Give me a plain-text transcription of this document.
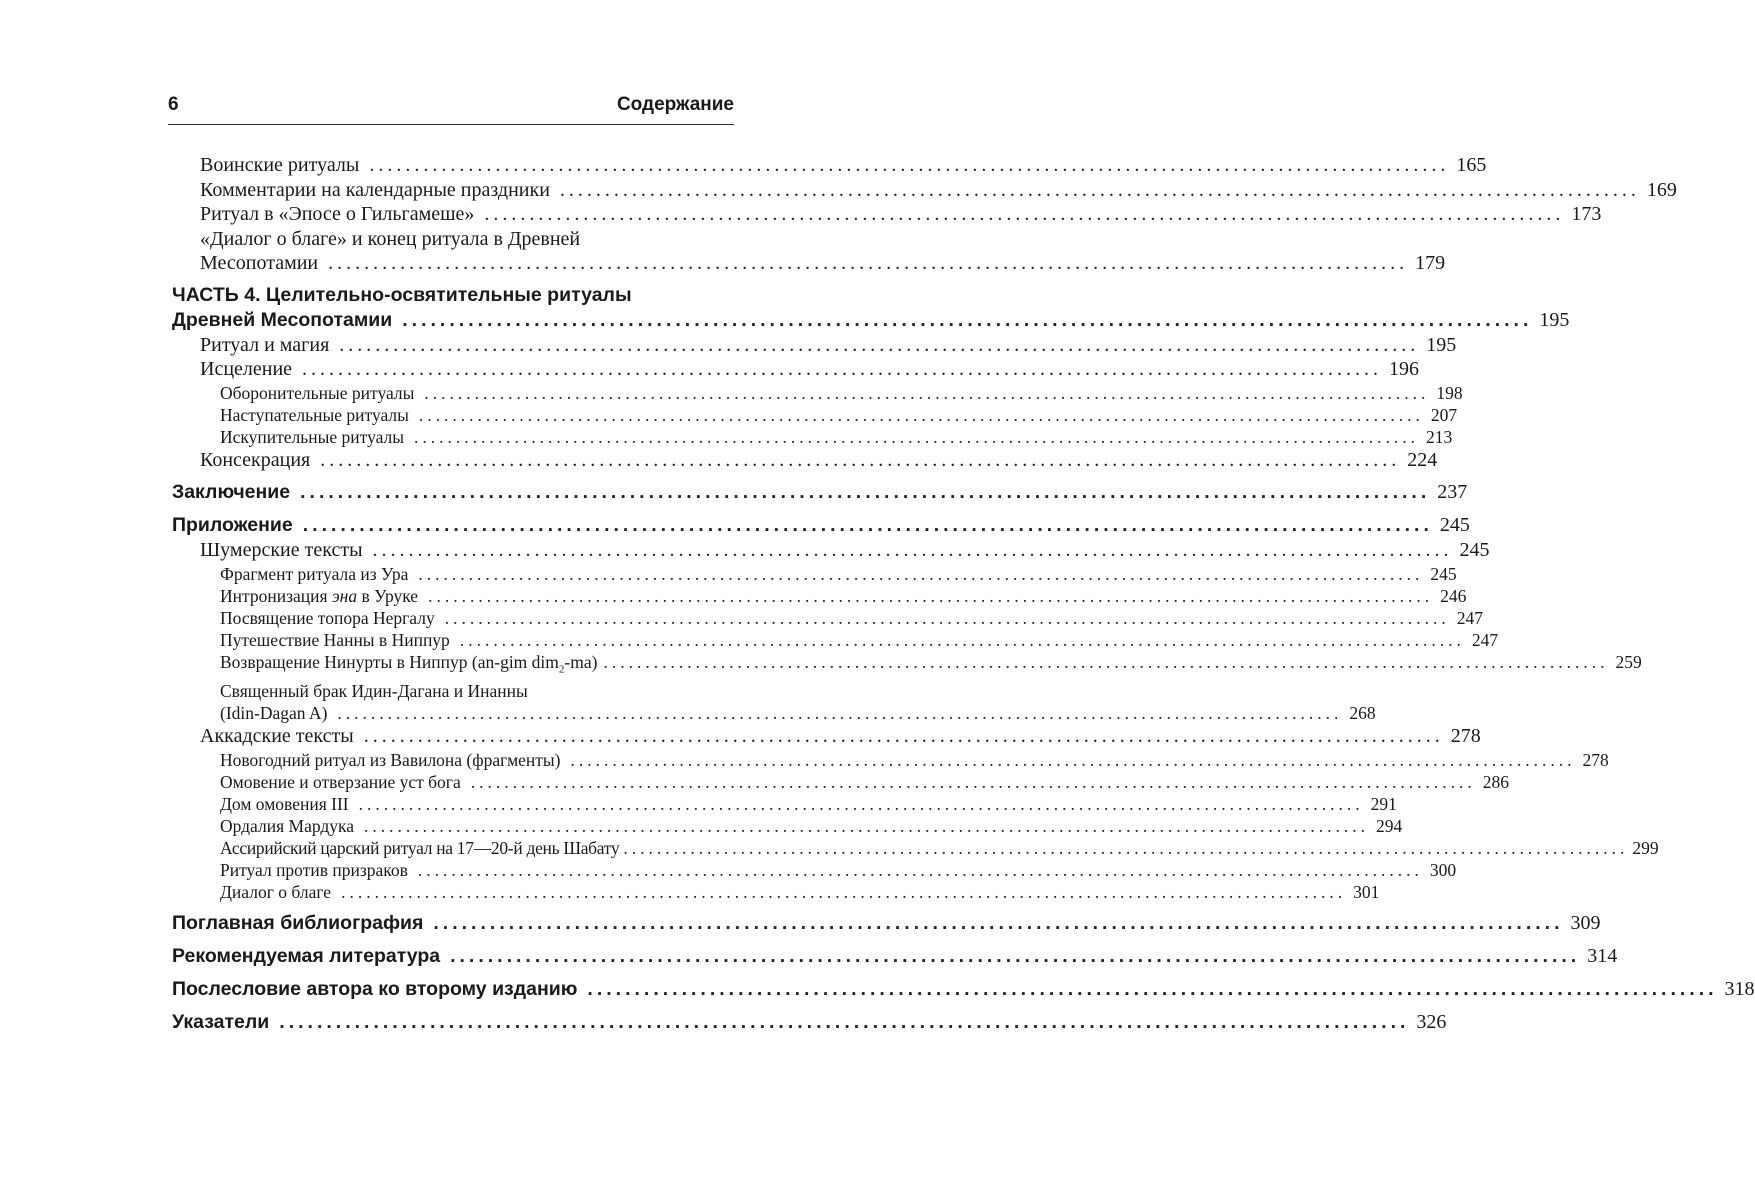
6	Содержание
Воинские ритуалы ........................................................................................................................ 165
Комментарии на календарные праздники ........................................................................................................................ 169
Ритуал в «Эпосе о Гильгамеше» ........................................................................................................................ 173
«Диалог о благе» и конец ритуала в Древней
Месопотамии ........................................................................................................................ 179
ЧАСТЬ 4. Целительно-освятительные ритуалы
Древней Месопотамии ........................................................................................................................ 195
Ритуал и магия ........................................................................................................................ 195
Исцеление ........................................................................................................................ 196
Оборонительные ритуалы ........................................................................................................................ 198
Наступательные ритуалы ........................................................................................................................ 207
Искупительные ритуалы ........................................................................................................................ 213
Консекрация ........................................................................................................................ 224
Заключение ........................................................................................................................ 237
Приложение ........................................................................................................................ 245
Шумерские тексты ........................................................................................................................ 245
Фрагмент ритуала из Ура ........................................................................................................................ 245
Интронизация эна в Уруке ........................................................................................................................ 246
Посвящение топора Нергалу ........................................................................................................................ 247
Путешествие Нанны в Ниппур ........................................................................................................................ 247
Возвращение Нинурты в Ниппур (an-gim dim$_2$-ma) ........................................................................................................................ 259
Священный брак Идин-Дагана и Инанны
(Idin-Dagan A) ........................................................................................................................ 268
Аккадские тексты ........................................................................................................................ 278
Новогодний ритуал из Вавилона (фрагменты) ........................................................................................................................ 278
Омовение и отверзание уст бога ........................................................................................................................ 286
Дом омовения III ........................................................................................................................ 291
Ордалия Мардука ........................................................................................................................ 294
Ассирийский царский ритуал на 17—20-й день Шабату ........................................................................................................................ 299
Ритуал против призраков ........................................................................................................................ 300
Диалог о благе ........................................................................................................................ 301
Поглавная библиография ........................................................................................................................ 309
Рекомендуемая литература ........................................................................................................................ 314
Послесловие автора ко второму изданию ........................................................................................................................ 318
Указатели ........................................................................................................................ 326
